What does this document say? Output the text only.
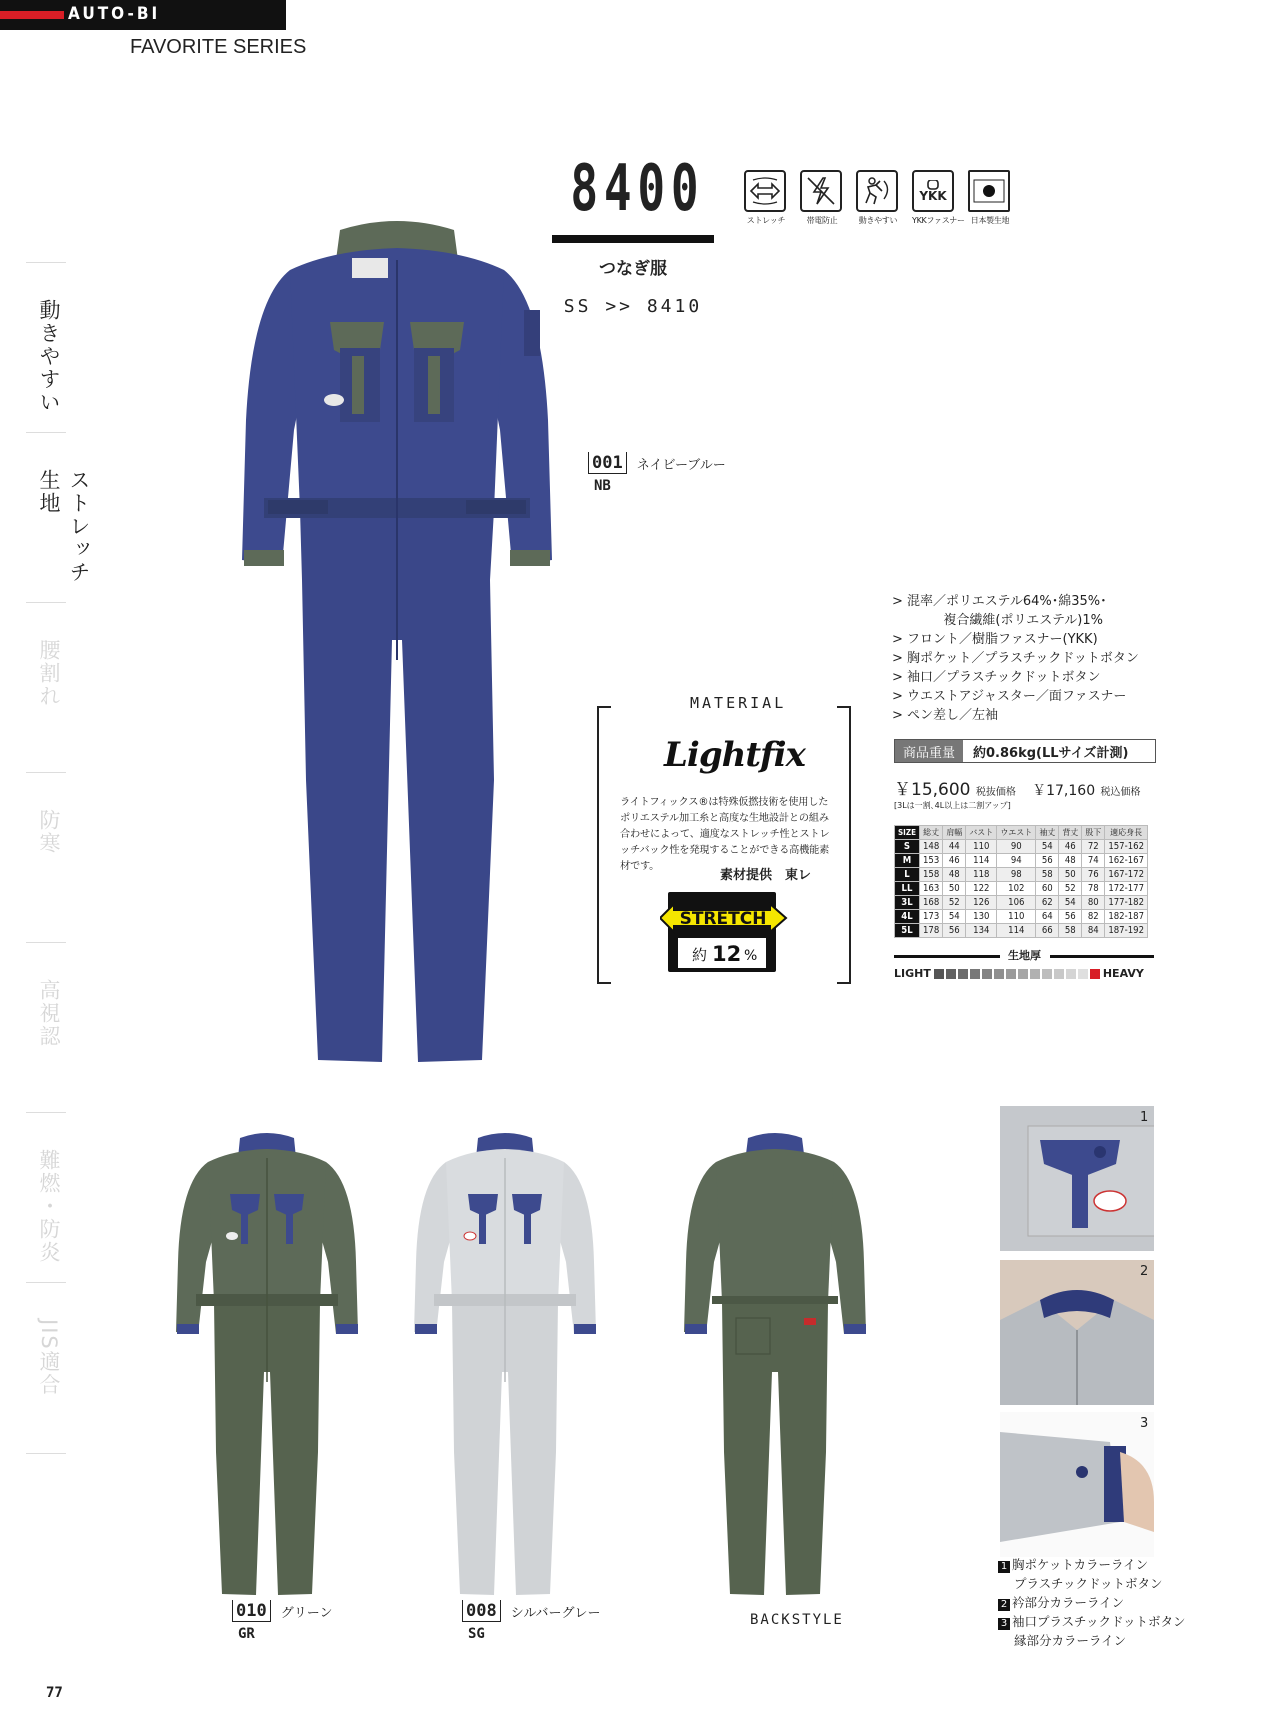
AUTO-BI
FAVORITE SERIES
動きやすい
ストレッチ生地
腰割れ
防寒
高視認
難燃・防炎
JIS適合
8400
つなぎ服
SS >> 8410
ストレッチ	帯電防止	動きやすい
YKK
YKKファスナー 日本製生地
001	ネイビーブルー
NB
> 混率／ポリエステル64%･綿35%･
　　　複合繊維(ポリエステル)1%
> フロント／樹脂ファスナー(YKK)
> 胸ポケット／プラスチックドットボタン
> 袖口／プラスチックドットボタン
> ウエストアジャスター／面ファスナー
> ペン差し／左袖
商品重量	約0.86kg(LLサイズ計測)
￥15,600 税抜価格 ￥17,160 税込価格
[3Lは一割､4L以上は二割アップ]
SIZE	総丈	肩幅	バスト	ウエスト	袖丈	背丈	股下	適応身長
S	148	44	110	90	54	46	72	157-162
M	153	46	114	94	56	48	74	162-167
L	158	48	118	98	58	50	76	167-172
LL	163	50	122	102	60	52	78	172-177
3L	168	52	126	106	62	54	80	177-182
4L	173	54	130	110	64	56	82	182-187
5L	178	56	134	114	66	58	84	187-192
生地厚
LIGHT	HEAVY
MATERIAL
Lightfix
ライトフィックス®は特殊仮撚技術を使用したポリエステル加工糸と高度な生地設計との組み合わせによって、適度なストレッチ性とストレッチバック性を発現することができる高機能素材です。
素材提供　東レ
STRETCH
約 12 %
010	グリーン
GR
008	シルバーグレー
SG
BACKSTYLE
1
2
3
1 胸ポケットカラーライン
プラスチックドットボタン
2 衿部分カラーライン
3 袖口プラスチックドットボタン
縁部分カラーライン
77
